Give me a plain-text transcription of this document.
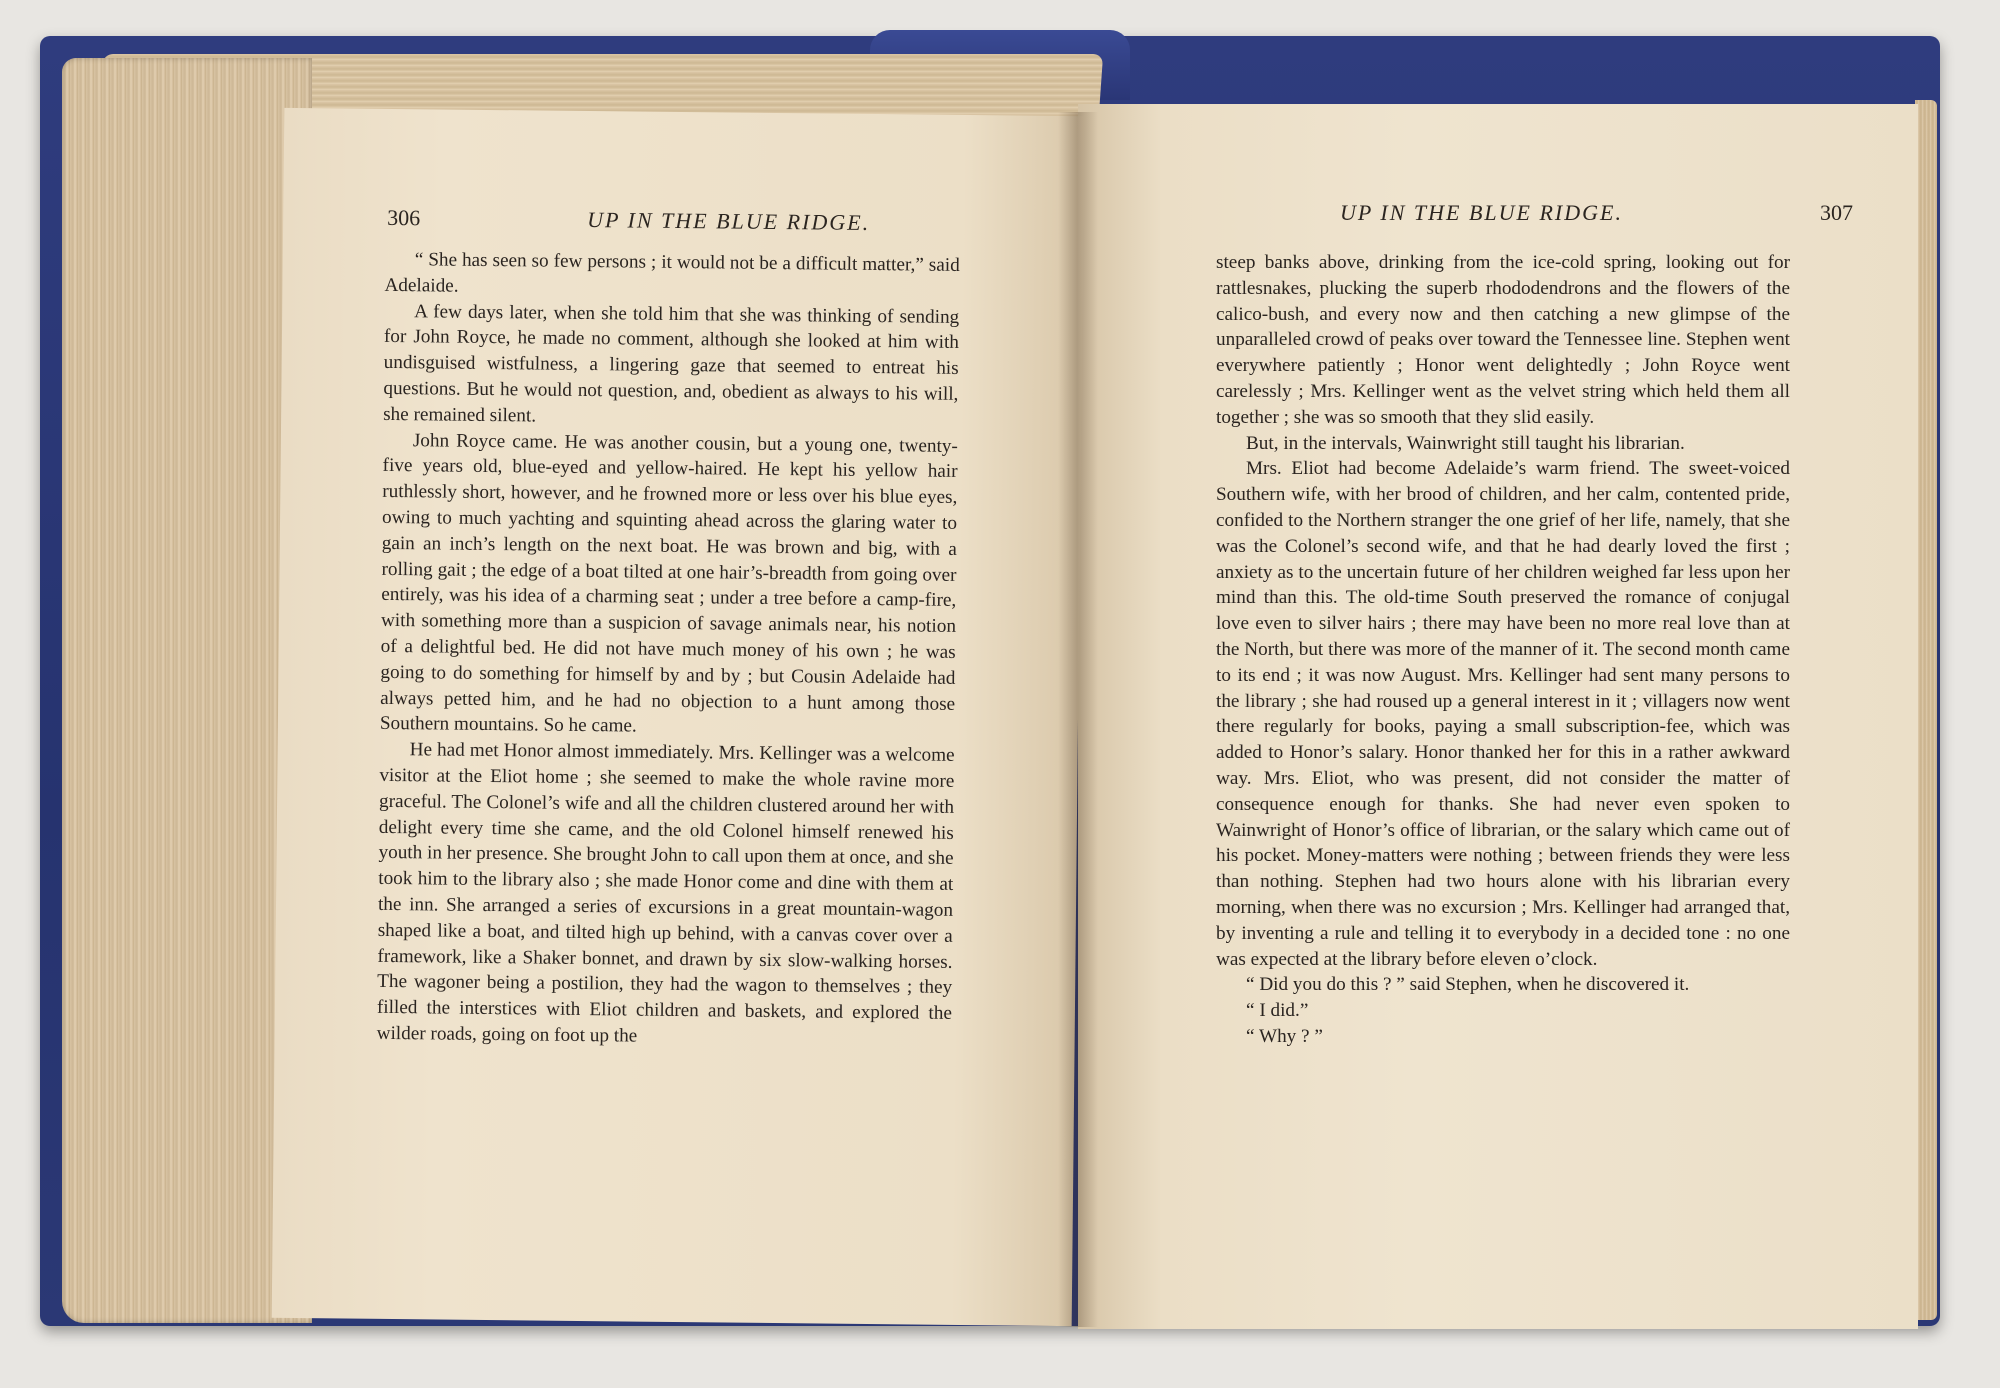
UP IN THE BLUE RIDGE.	307

steep banks above, drinking from the ice-cold spring, looking out for rattlesnakes, plucking the superb rhododendrons and the flowers of the calico-bush, and every now and then catching a new glimpse of the unparalleled crowd of peaks over toward the Tennessee line. Stephen went everywhere patiently ; Honor went delightedly ; John Royce went carelessly ; Mrs. Kellinger went as the velvet string which held them all together ; she was so smooth that they slid easily.

But, in the intervals, Wainwright still taught his librarian.

Mrs. Eliot had become Adelaide’s warm friend. The sweet-voiced Southern wife, with her brood of children, and her calm, contented pride, confided to the Northern stranger the one grief of her life, namely, that she was the Colonel’s second wife, and that he had dearly loved the first ; anxiety as to the uncertain future of her children weighed far less upon her mind than this. The old-time South preserved the romance of conjugal love even to silver hairs ; there may have been no more real love than at the North, but there was more of the manner of it. The second month came to its end ; it was now August. Mrs. Kellinger had sent many persons to the library ; she had roused up a general interest in it ; villagers now went there regularly for books, paying a small subscription-fee, which was added to Honor’s salary. Honor thanked her for this in a rather awkward way. Mrs. Eliot, who was present, did not consider the matter of consequence enough for thanks. She had never even spoken to Wainwright of Honor’s office of librarian, or the salary which came out of his pocket. Money-matters were nothing ; between friends they were less than nothing. Stephen had two hours alone with his librarian every morning, when there was no excursion ; Mrs. Kellinger had arranged that, by inventing a rule and telling it to everybody in a decided tone : no one was expected at the library before eleven o’clock.

“ Did you do this ? ” said Stephen, when he discovered it.

“ I did.”

“ Why ? ”

306	UP IN THE BLUE RIDGE.

“ She has seen so few persons ; it would not be a difficult matter,” said Adelaide.

A few days later, when she told him that she was thinking of sending for John Royce, he made no comment, although she looked at him with undisguised wistfulness, a lingering gaze that seemed to entreat his questions. But he would not question, and, obedient as always to his will, she remained silent.

John Royce came. He was another cousin, but a young one, twenty-five years old, blue-eyed and yellow-haired. He kept his yellow hair ruthlessly short, however, and he frowned more or less over his blue eyes, owing to much yachting and squinting ahead across the glaring water to gain an inch’s length on the next boat. He was brown and big, with a rolling gait ; the edge of a boat tilted at one hair’s-breadth from going over entirely, was his idea of a charming seat ; under a tree before a camp-fire, with something more than a suspicion of savage animals near, his notion of a delightful bed. He did not have much money of his own ; he was going to do something for himself by and by ; but Cousin Adelaide had always petted him, and he had no objection to a hunt among those Southern mountains. So he came.

He had met Honor almost immediately. Mrs. Kellinger was a welcome visitor at the Eliot home ; she seemed to make the whole ravine more graceful. The Colonel’s wife and all the children clustered around her with delight every time she came, and the old Colonel himself renewed his youth in her presence. She brought John to call upon them at once, and she took him to the library also ; she made Honor come and dine with them at the inn. She arranged a series of excursions in a great mountain-wagon shaped like a boat, and tilted high up behind, with a canvas cover over a framework, like a Shaker bonnet, and drawn by six slow-walking horses. The wagoner being a postilion, they had the wagon to themselves ; they filled the interstices with Eliot children and baskets, and explored the wilder roads, going on foot up the
